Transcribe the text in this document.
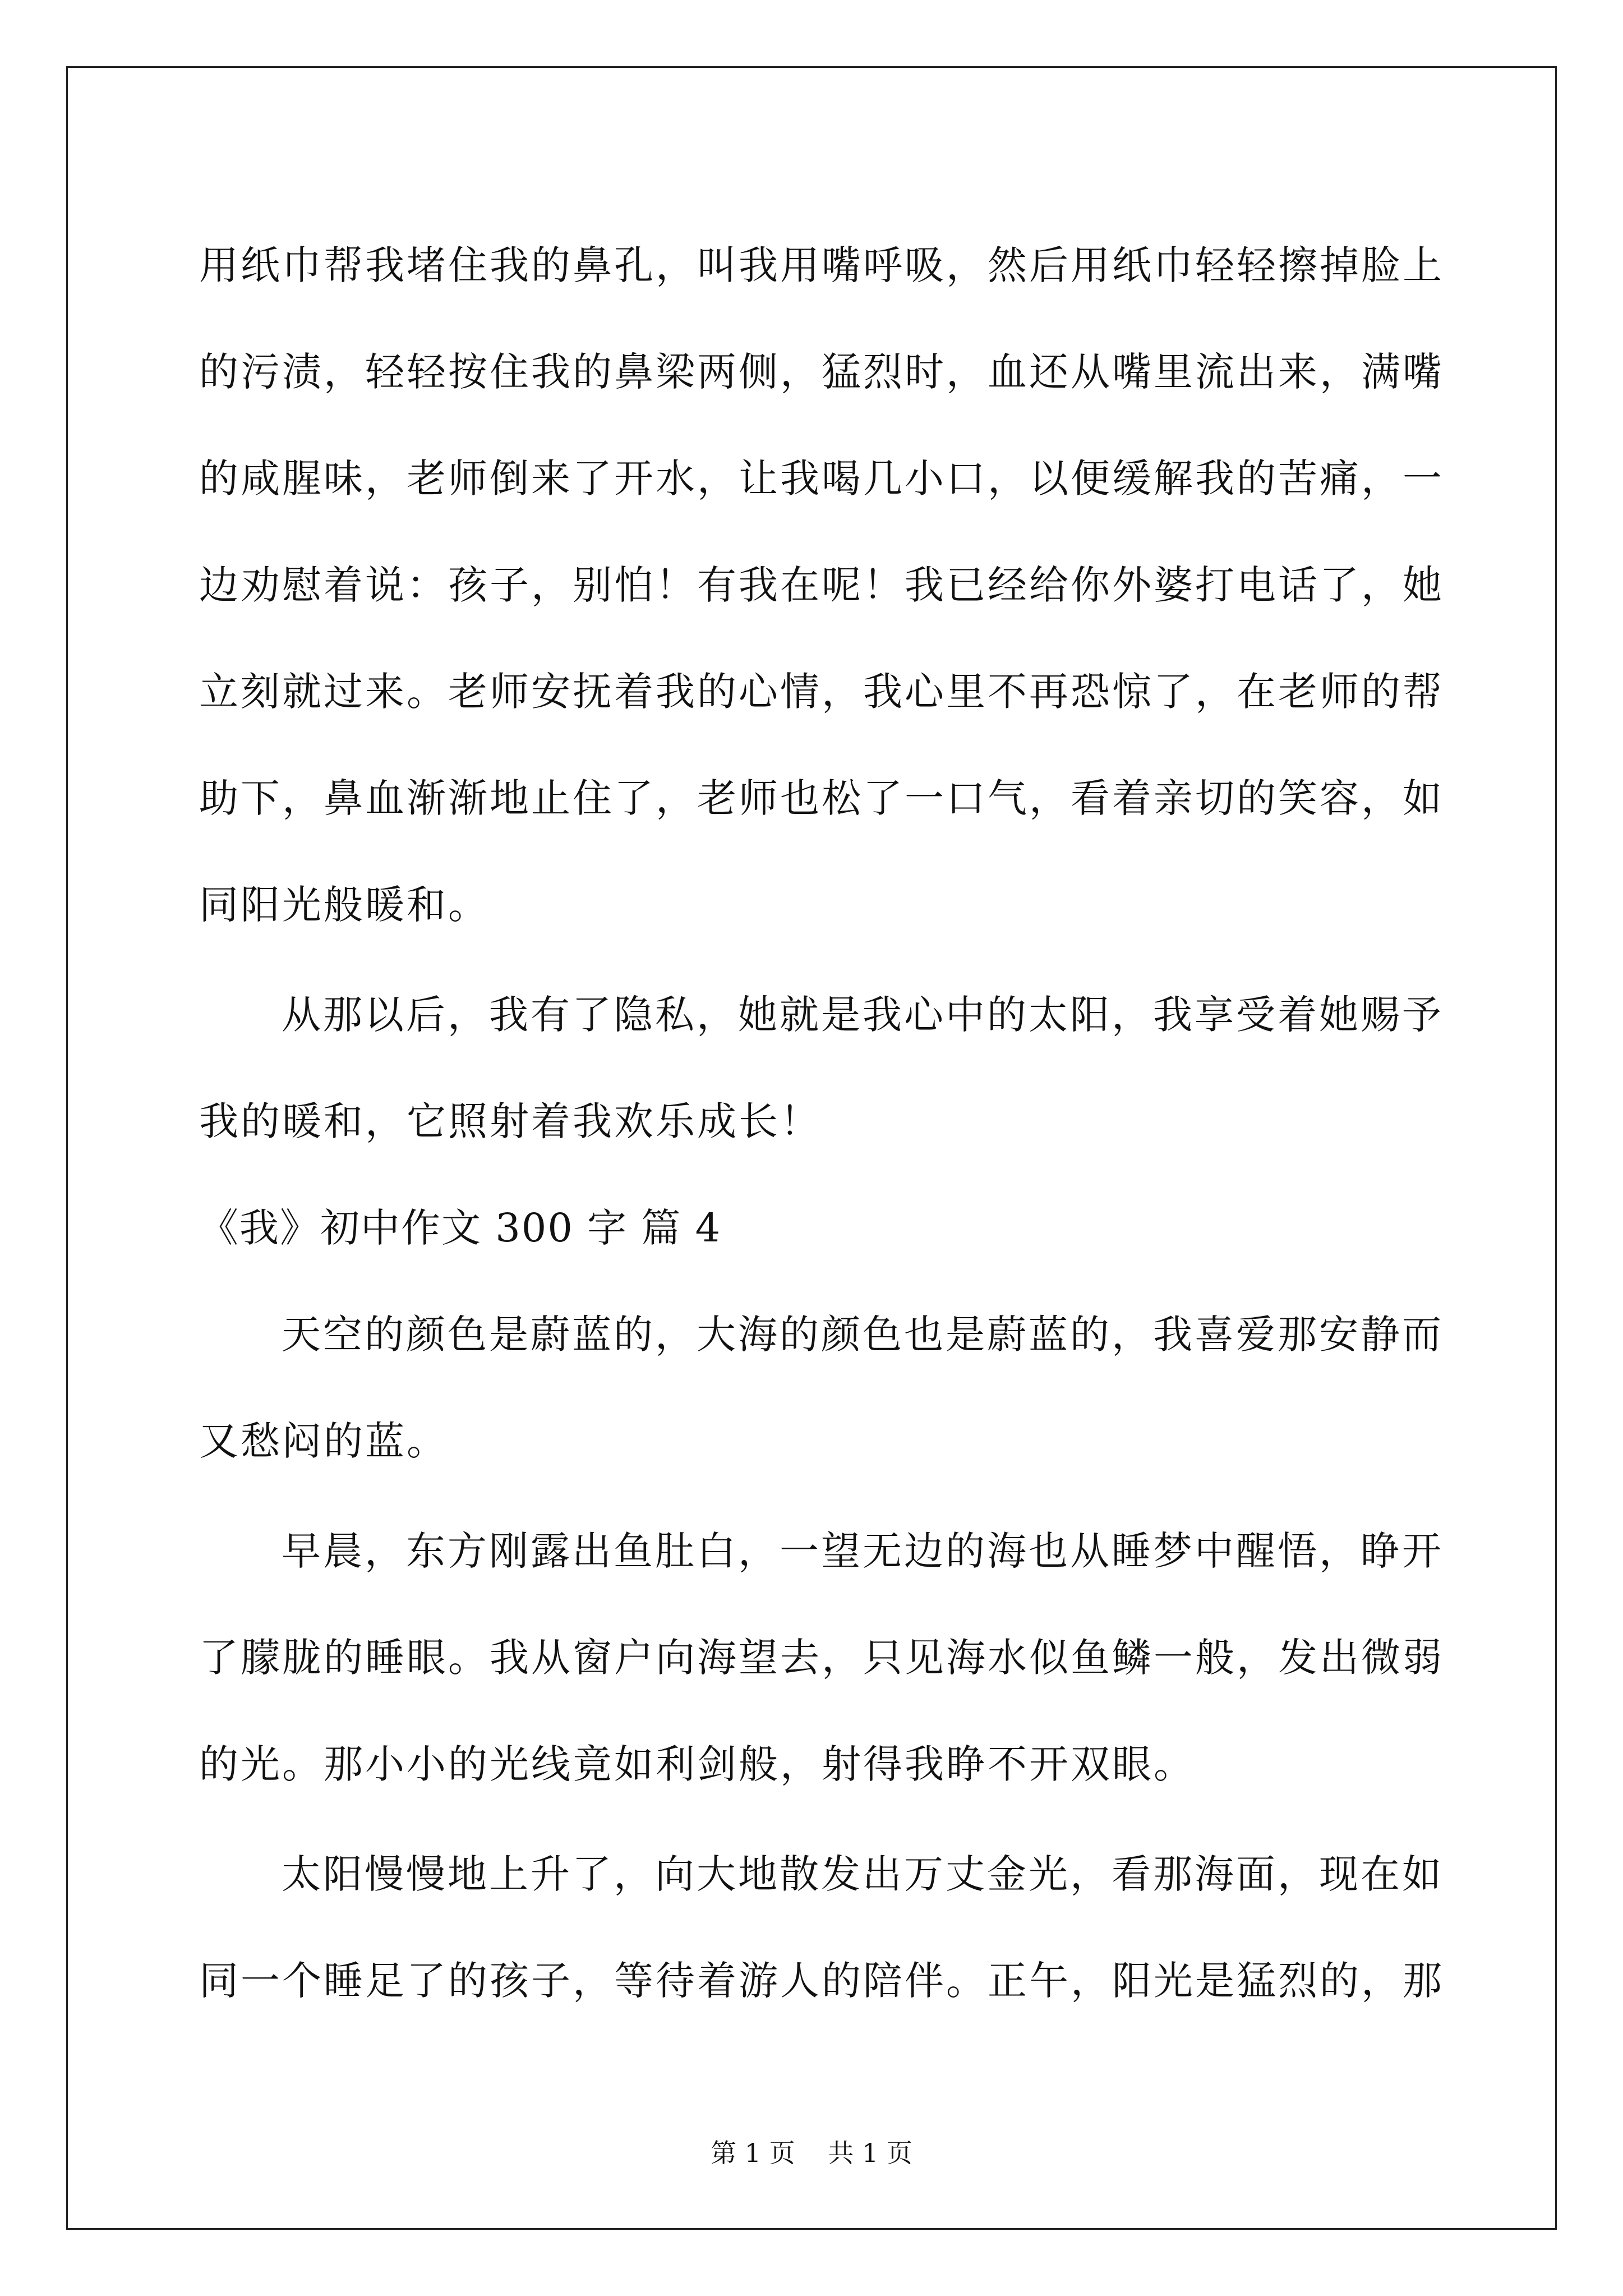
用纸巾帮我堵住我的鼻孔，叫我用嘴呼吸，然后用纸巾轻轻擦掉脸上
的污渍，轻轻按住我的鼻梁两侧，猛烈时，血还从嘴里流出来，满嘴
的咸腥味，老师倒来了开水，让我喝几小口，以便缓解我的苦痛，一
边劝慰着说：孩子，别怕！有我在呢！我已经给你外婆打电话了，她
立刻就过来。老师安抚着我的心情，我心里不再恐惊了，在老师的帮
助下，鼻血渐渐地止住了，老师也松了一口气，看着亲切的笑容，如
同阳光般暖和。
从那以后，我有了隐私，她就是我心中的太阳，我享受着她赐予
我的暖和，它照射着我欢乐成长！
《我》初中作文 300 字 篇 4
天空的颜色是蔚蓝的，大海的颜色也是蔚蓝的，我喜爱那安静而
又愁闷的蓝。
早晨，东方刚露出鱼肚白，一望无边的海也从睡梦中醒悟，睁开
了朦胧的睡眼。我从窗户向海望去，只见海水似鱼鳞一般，发出微弱
的光。那小小的光线竟如利剑般，射得我睁不开双眼。
太阳慢慢地上升了，向大地散发出万丈金光，看那海面，现在如
同一个睡足了的孩子，等待着游人的陪伴。正午，阳光是猛烈的，那
第 1 页 共 1 页
